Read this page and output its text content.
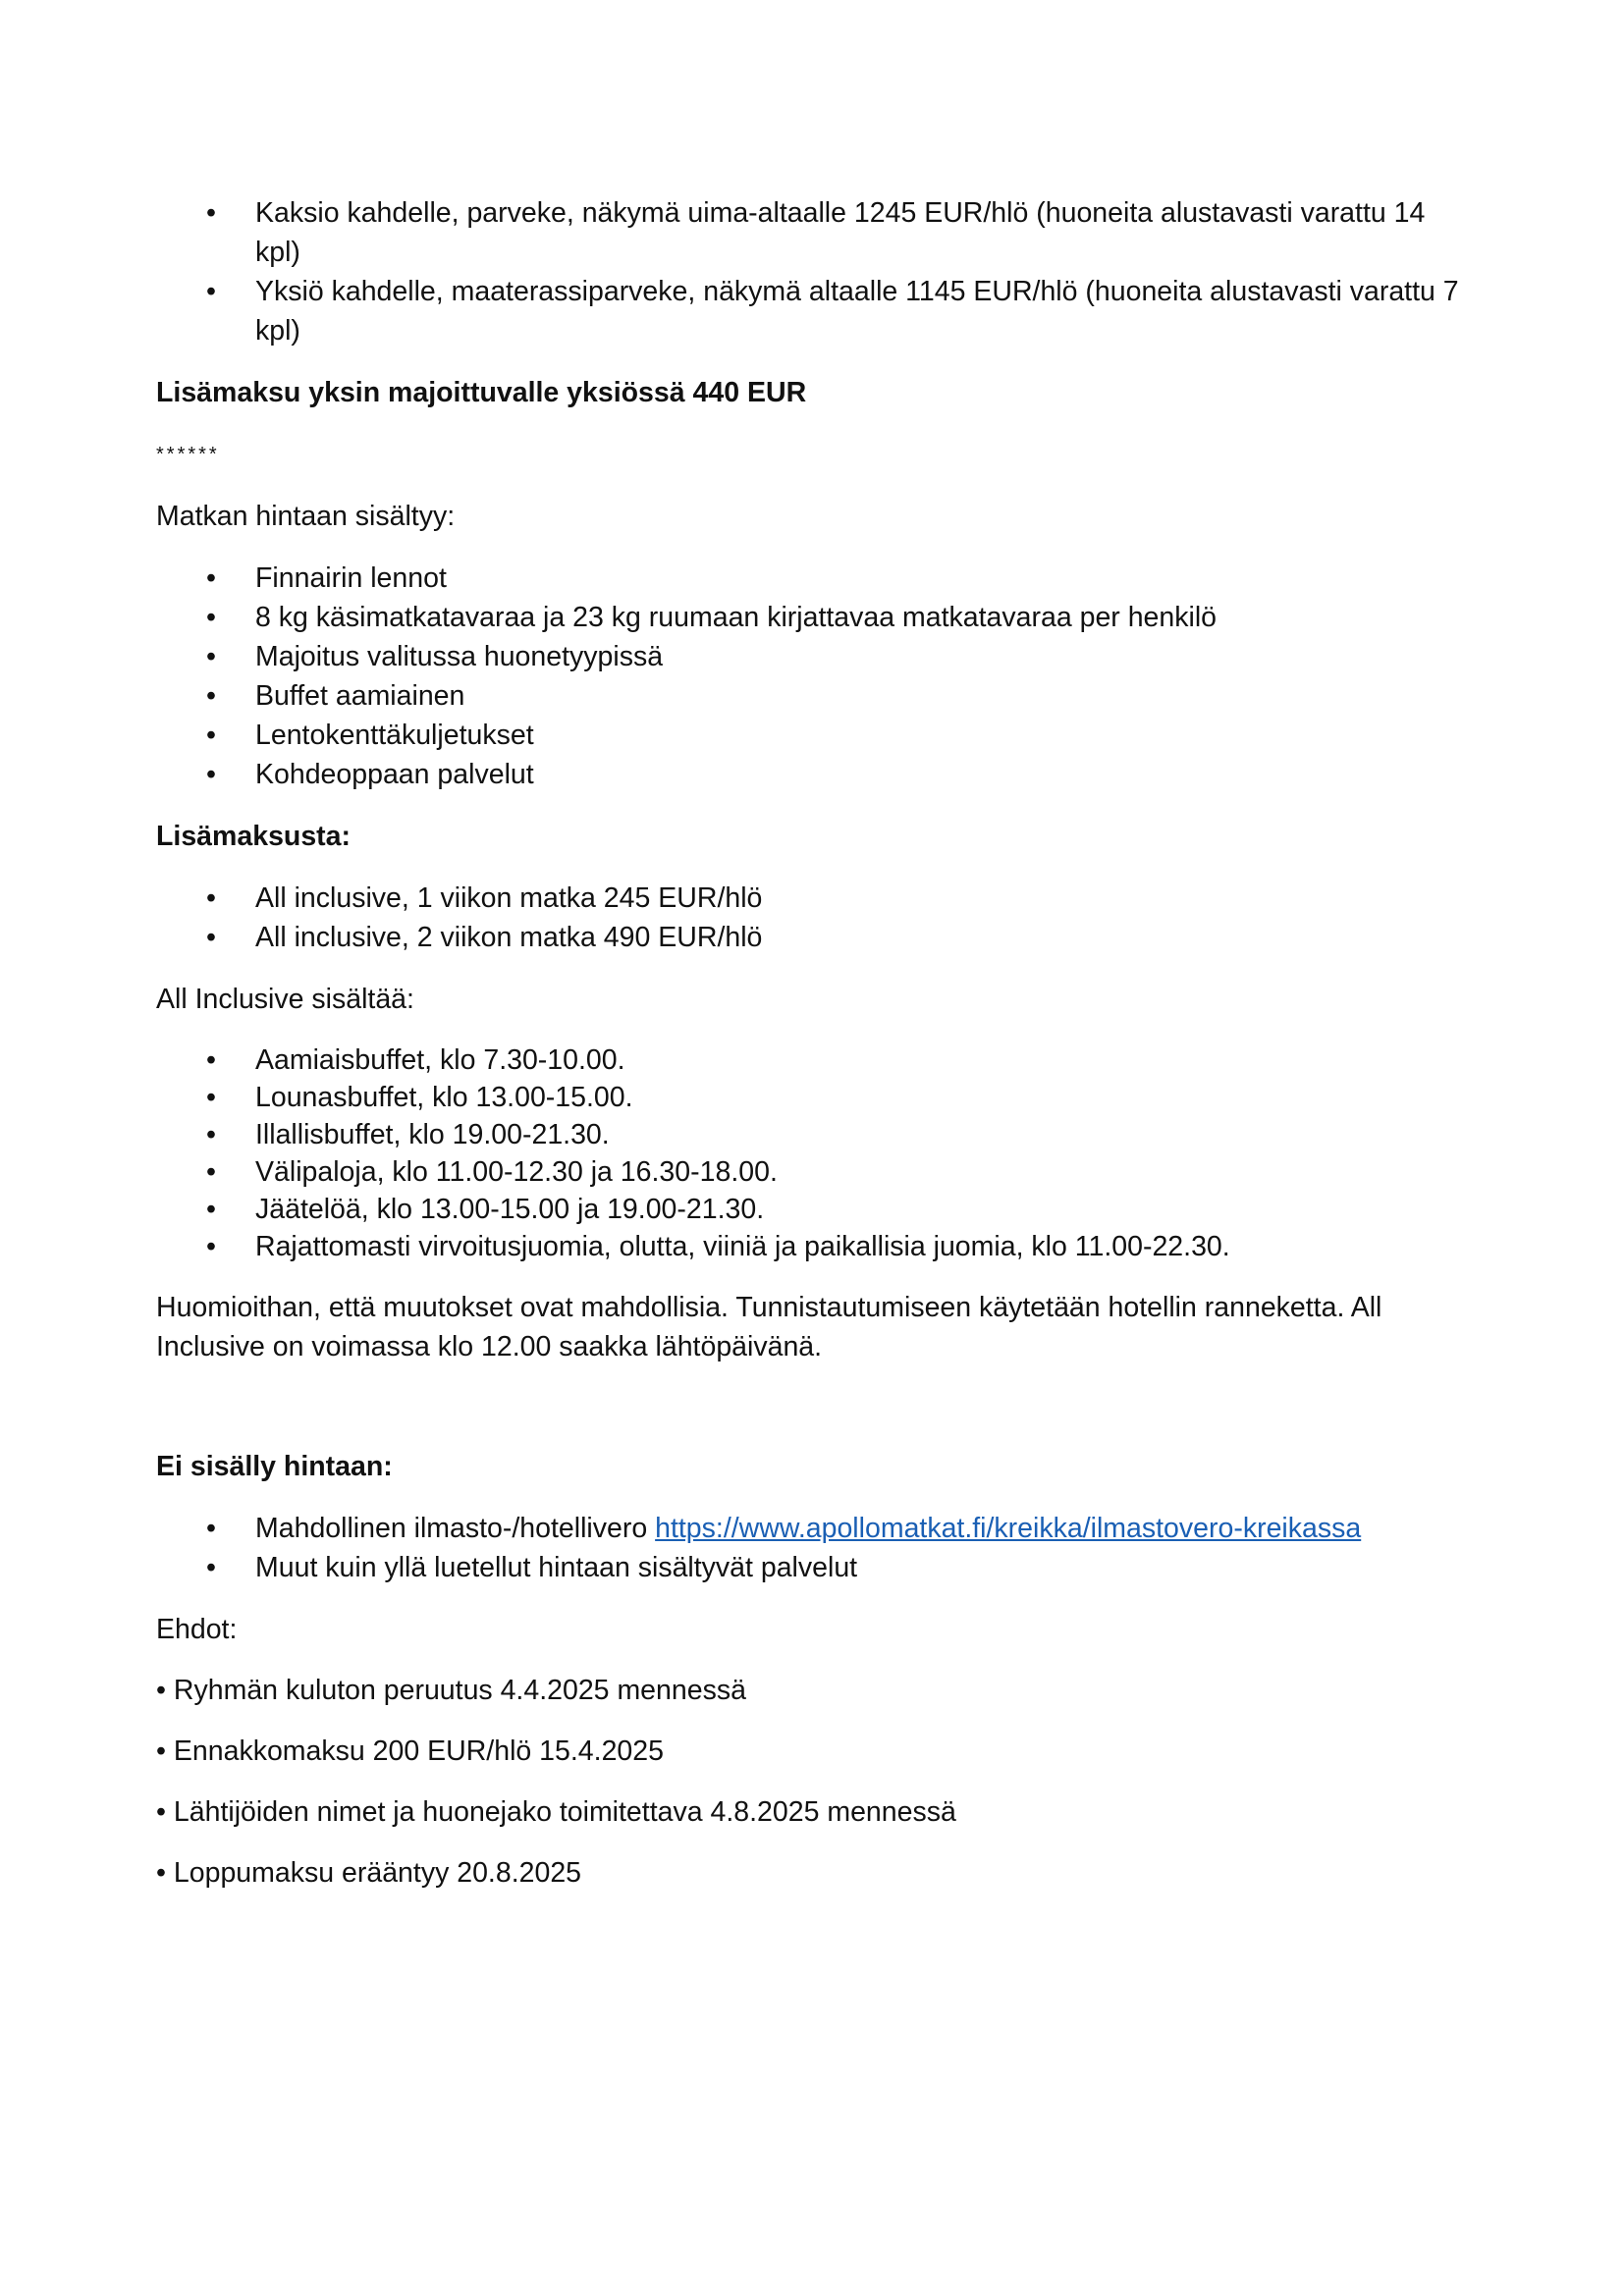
• Kaksio kahdelle, parveke, näkymä uima-altaalle 1245 EUR/hlö (huoneita alustavasti varattu 14 kpl)
• Yksiö kahdelle, maaterassiparveke, näkymä altaalle 1145 EUR/hlö (huoneita alustavasti varattu 7 kpl)

Lisämaksu yksin majoittuvalle yksiössä 440 EUR

******

Matkan hintaan sisältyy:

• Finnairin lennot
• 8 kg käsimatkatavaraa ja 23 kg ruumaan kirjattavaa matkatavaraa per henkilö
• Majoitus valitussa huonetyypissä
• Buffet aamiainen
• Lentokenttäkuljetukset
• Kohdeoppaan palvelut

Lisämaksusta:

• All inclusive, 1 viikon matka 245 EUR/hlö
• All inclusive, 2 viikon matka 490 EUR/hlö

All Inclusive sisältää:

• Aamiaisbuffet, klo 7.30-10.00.
• Lounasbuffet, klo 13.00-15.00.
• Illallisbuffet, klo 19.00-21.30.
• Välipaloja, klo 11.00-12.30 ja 16.30-18.00.
• Jäätelöä, klo 13.00-15.00 ja 19.00-21.30.
• Rajattomasti virvoitusjuomia, olutta, viiniä ja paikallisia juomia, klo 11.00-22.30.

Huomioithan, että muutokset ovat mahdollisia. Tunnistautumiseen käytetään hotellin ranneketta. All Inclusive on voimassa klo 12.00 saakka lähtöpäivänä.

Ei sisälly hintaan:

• Mahdollinen ilmasto-/hotellivero https://www.apollomatkat.fi/kreikka/ilmastovero-kreikassa
• Muut kuin yllä luetellut hintaan sisältyvät palvelut

Ehdot:

• Ryhmän kuluton peruutus 4.4.2025 mennessä

• Ennakkomaksu 200 EUR/hlö 15.4.2025

• Lähtijöiden nimet ja huonejako toimitettava 4.8.2025 mennessä

• Loppumaksu erääntyy 20.8.2025
